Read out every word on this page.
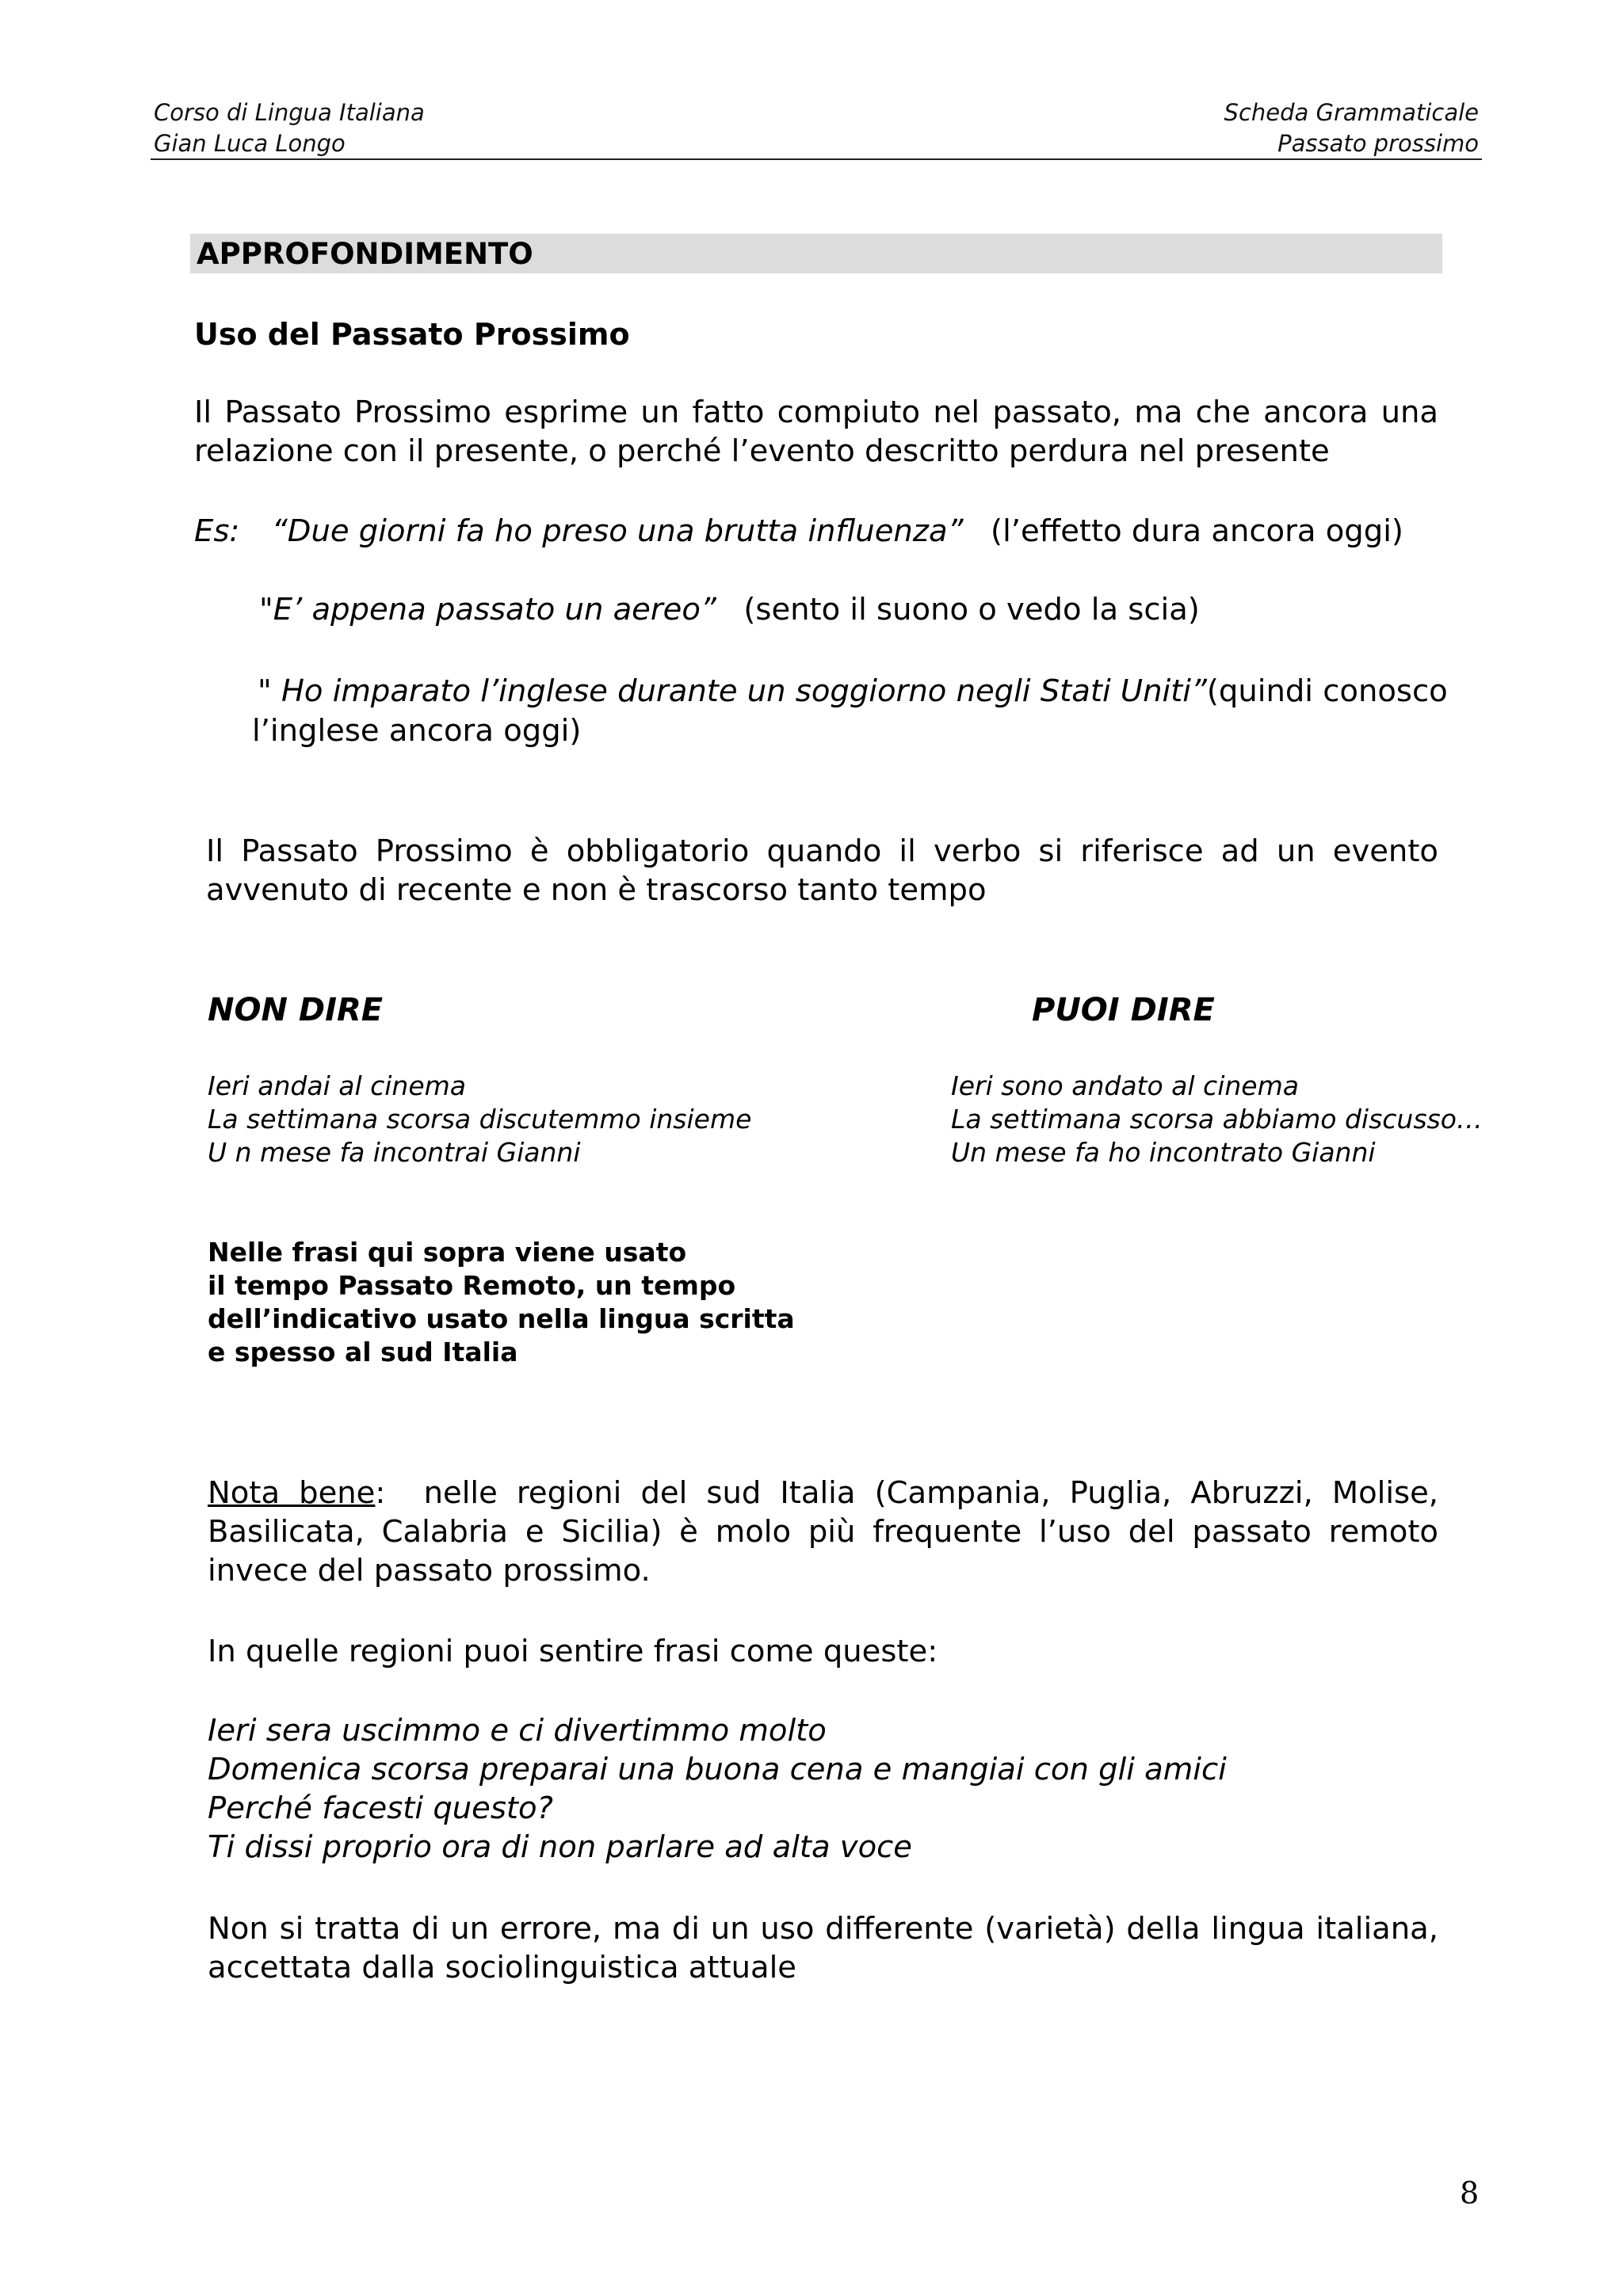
Corso di Lingua Italiana
Gian Luca Longo
Scheda Grammaticale
Passato prossimo
APPROFONDIMENTO
Uso del Passato Prossimo
Il Passato Prossimo esprime un fatto compiuto nel passato, ma che ancora una relazione con il presente, o perché l’evento descritto perdura nel presente
Es: “Due giorni fa ho preso una brutta influenza” (l’effetto dura ancora oggi)
"E’ appena passato un aereo” (sento il suono o vedo la scia)
" Ho imparato l’inglese durante un soggiorno negli Stati Uniti” (quindi conosco
l’inglese ancora oggi)
Il Passato Prossimo è obbligatorio quando il verbo si riferisce ad un evento avvenuto di recente e non è trascorso tanto tempo
NON DIRE	PUOI DIRE
Ieri andai al cinema
La settimana scorsa discutemmo insieme
U n mese fa incontrai Gianni
Ieri sono andato al cinema
La settimana scorsa abbiamo discusso…
Un mese fa ho incontrato Gianni
Nelle frasi qui sopra viene usato
il tempo Passato Remoto, un tempo
dell’indicativo usato nella lingua scritta
e spesso al sud Italia
Nota bene: nelle regioni del sud Italia (Campania, Puglia, Abruzzi, Molise, Basilicata, Calabria e Sicilia) è molo più frequente l’uso del passato remoto invece del passato prossimo.
In quelle regioni puoi sentire frasi come queste:
Ieri sera uscimmo e ci divertimmo molto
Domenica scorsa preparai una buona cena e mangiai con gli amici
Perché facesti questo?
Ti dissi proprio ora di non parlare ad alta voce
Non si tratta di un errore, ma di un uso differente (varietà) della lingua italiana, accettata dalla sociolinguistica attuale
8
